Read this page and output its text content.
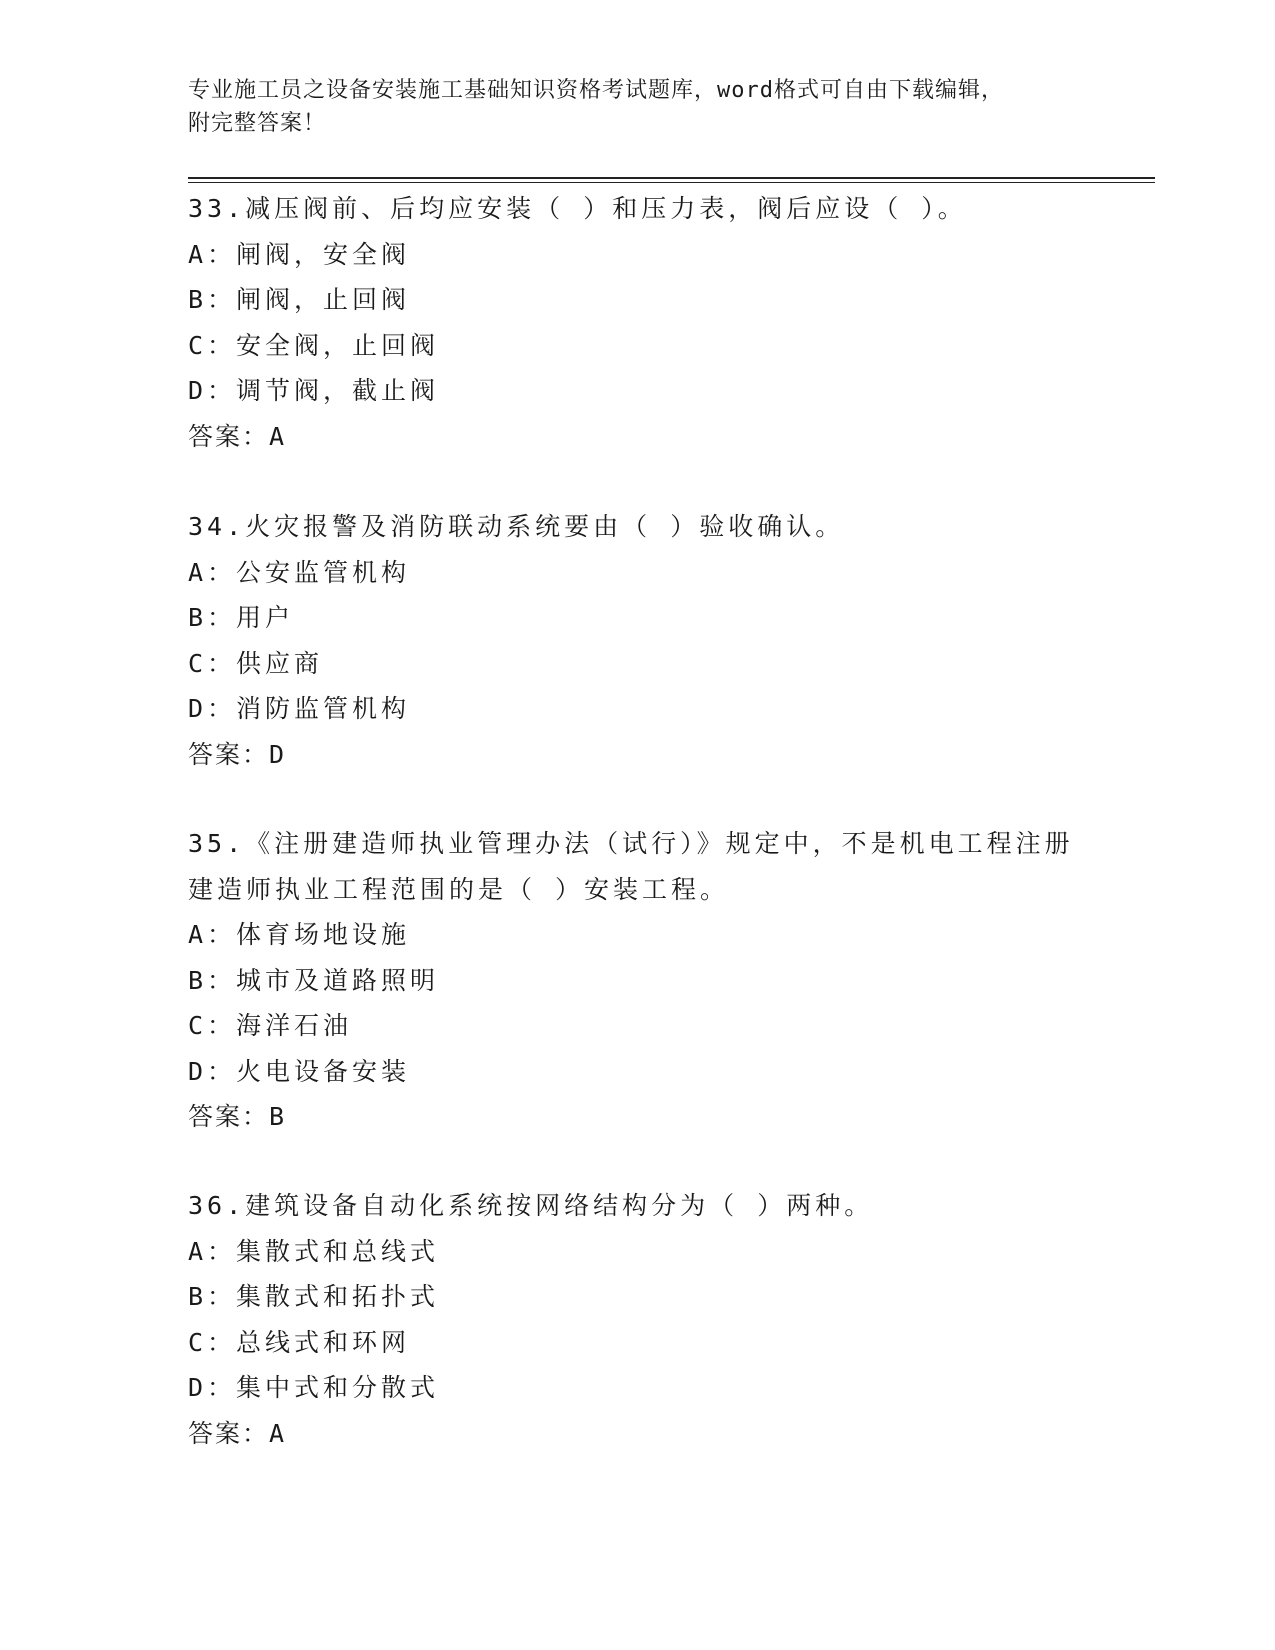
专业施工员之设备安装施工基础知识资格考试题库，word格式可自由下载编辑，
附完整答案！
33.减压阀前、后均应安装（ ）和压力表，阀后应设（ ）。
A：闸阀，安全阀
B：闸阀，止回阀
C：安全阀，止回阀
D：调节阀，截止阀
答案：A
34.火灾报警及消防联动系统要由（ ）验收确认。
A：公安监管机构
B：用户
C：供应商
D：消防监管机构
答案：D
35.《注册建造师执业管理办法（试行）》规定中，不是机电工程注册
建造师执业工程范围的是（ ）安装工程。
A：体育场地设施
B：城市及道路照明
C：海洋石油
D：火电设备安装
答案：B
36.建筑设备自动化系统按网络结构分为（ ）两种。
A：集散式和总线式
B：集散式和拓扑式
C：总线式和环网
D：集中式和分散式
答案：A
